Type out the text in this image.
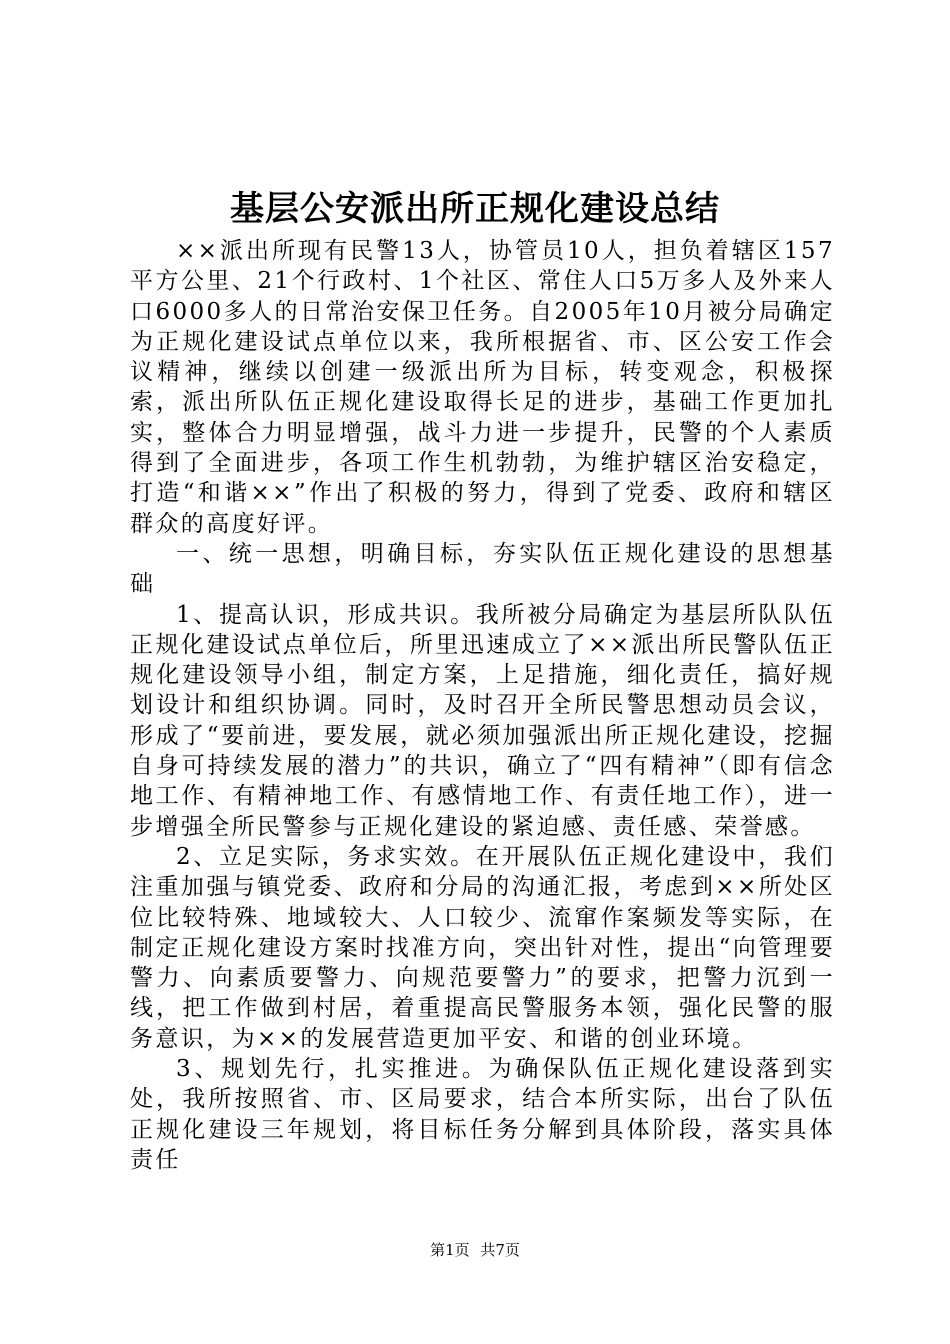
基层公安派出所正规化建设总结

××派出所现有民警13人，协管员10人，担负着辖区157平方公里、21个行政村、1个社区、常住人口5万多人及外来人口6000多人的日常治安保卫任务。自2005年10月被分局确定为正规化建设试点单位以来，我所根据省、市、区公安工作会议精神，继续以创建一级派出所为目标，转变观念，积极探索，派出所队伍正规化建设取得长足的进步，基础工作更加扎实，整体合力明显增强，战斗力进一步提升，民警的个人素质得到了全面进步，各项工作生机勃勃，为维护辖区治安稳定，打造“和谐××”作出了积极的努力，得到了党委、政府和辖区群众的高度好评。

一、统一思想，明确目标，夯实队伍正规化建设的思想基础

1、提高认识，形成共识。我所被分局确定为基层所队队伍正规化建设试点单位后，所里迅速成立了××派出所民警队伍正规化建设领导小组，制定方案，上足措施，细化责任，搞好规划设计和组织协调。同时，及时召开全所民警思想动员会议，形成了“要前进，要发展，就必须加强派出所正规化建设，挖掘自身可持续发展的潜力”的共识，确立了“四有精神”（即有信念地工作、有精神地工作、有感情地工作、有责任地工作），进一步增强全所民警参与正规化建设的紧迫感、责任感、荣誉感。

2、立足实际，务求实效。在开展队伍正规化建设中，我们注重加强与镇党委、政府和分局的沟通汇报，考虑到××所处区位比较特殊、地域较大、人口较少、流窜作案频发等实际，在制定正规化建设方案时找准方向，突出针对性，提出“向管理要警力、向素质要警力、向规范要警力”的要求，把警力沉到一线，把工作做到村居，着重提高民警服务本领，强化民警的服务意识，为××的发展营造更加平安、和谐的创业环境。

3、规划先行，扎实推进。为确保队伍正规化建设落到实处，我所按照省、市、区局要求，结合本所实际，出台了队伍正规化建设三年规划，将目标任务分解到具体阶段，落实具体责任

第1页 共7页
